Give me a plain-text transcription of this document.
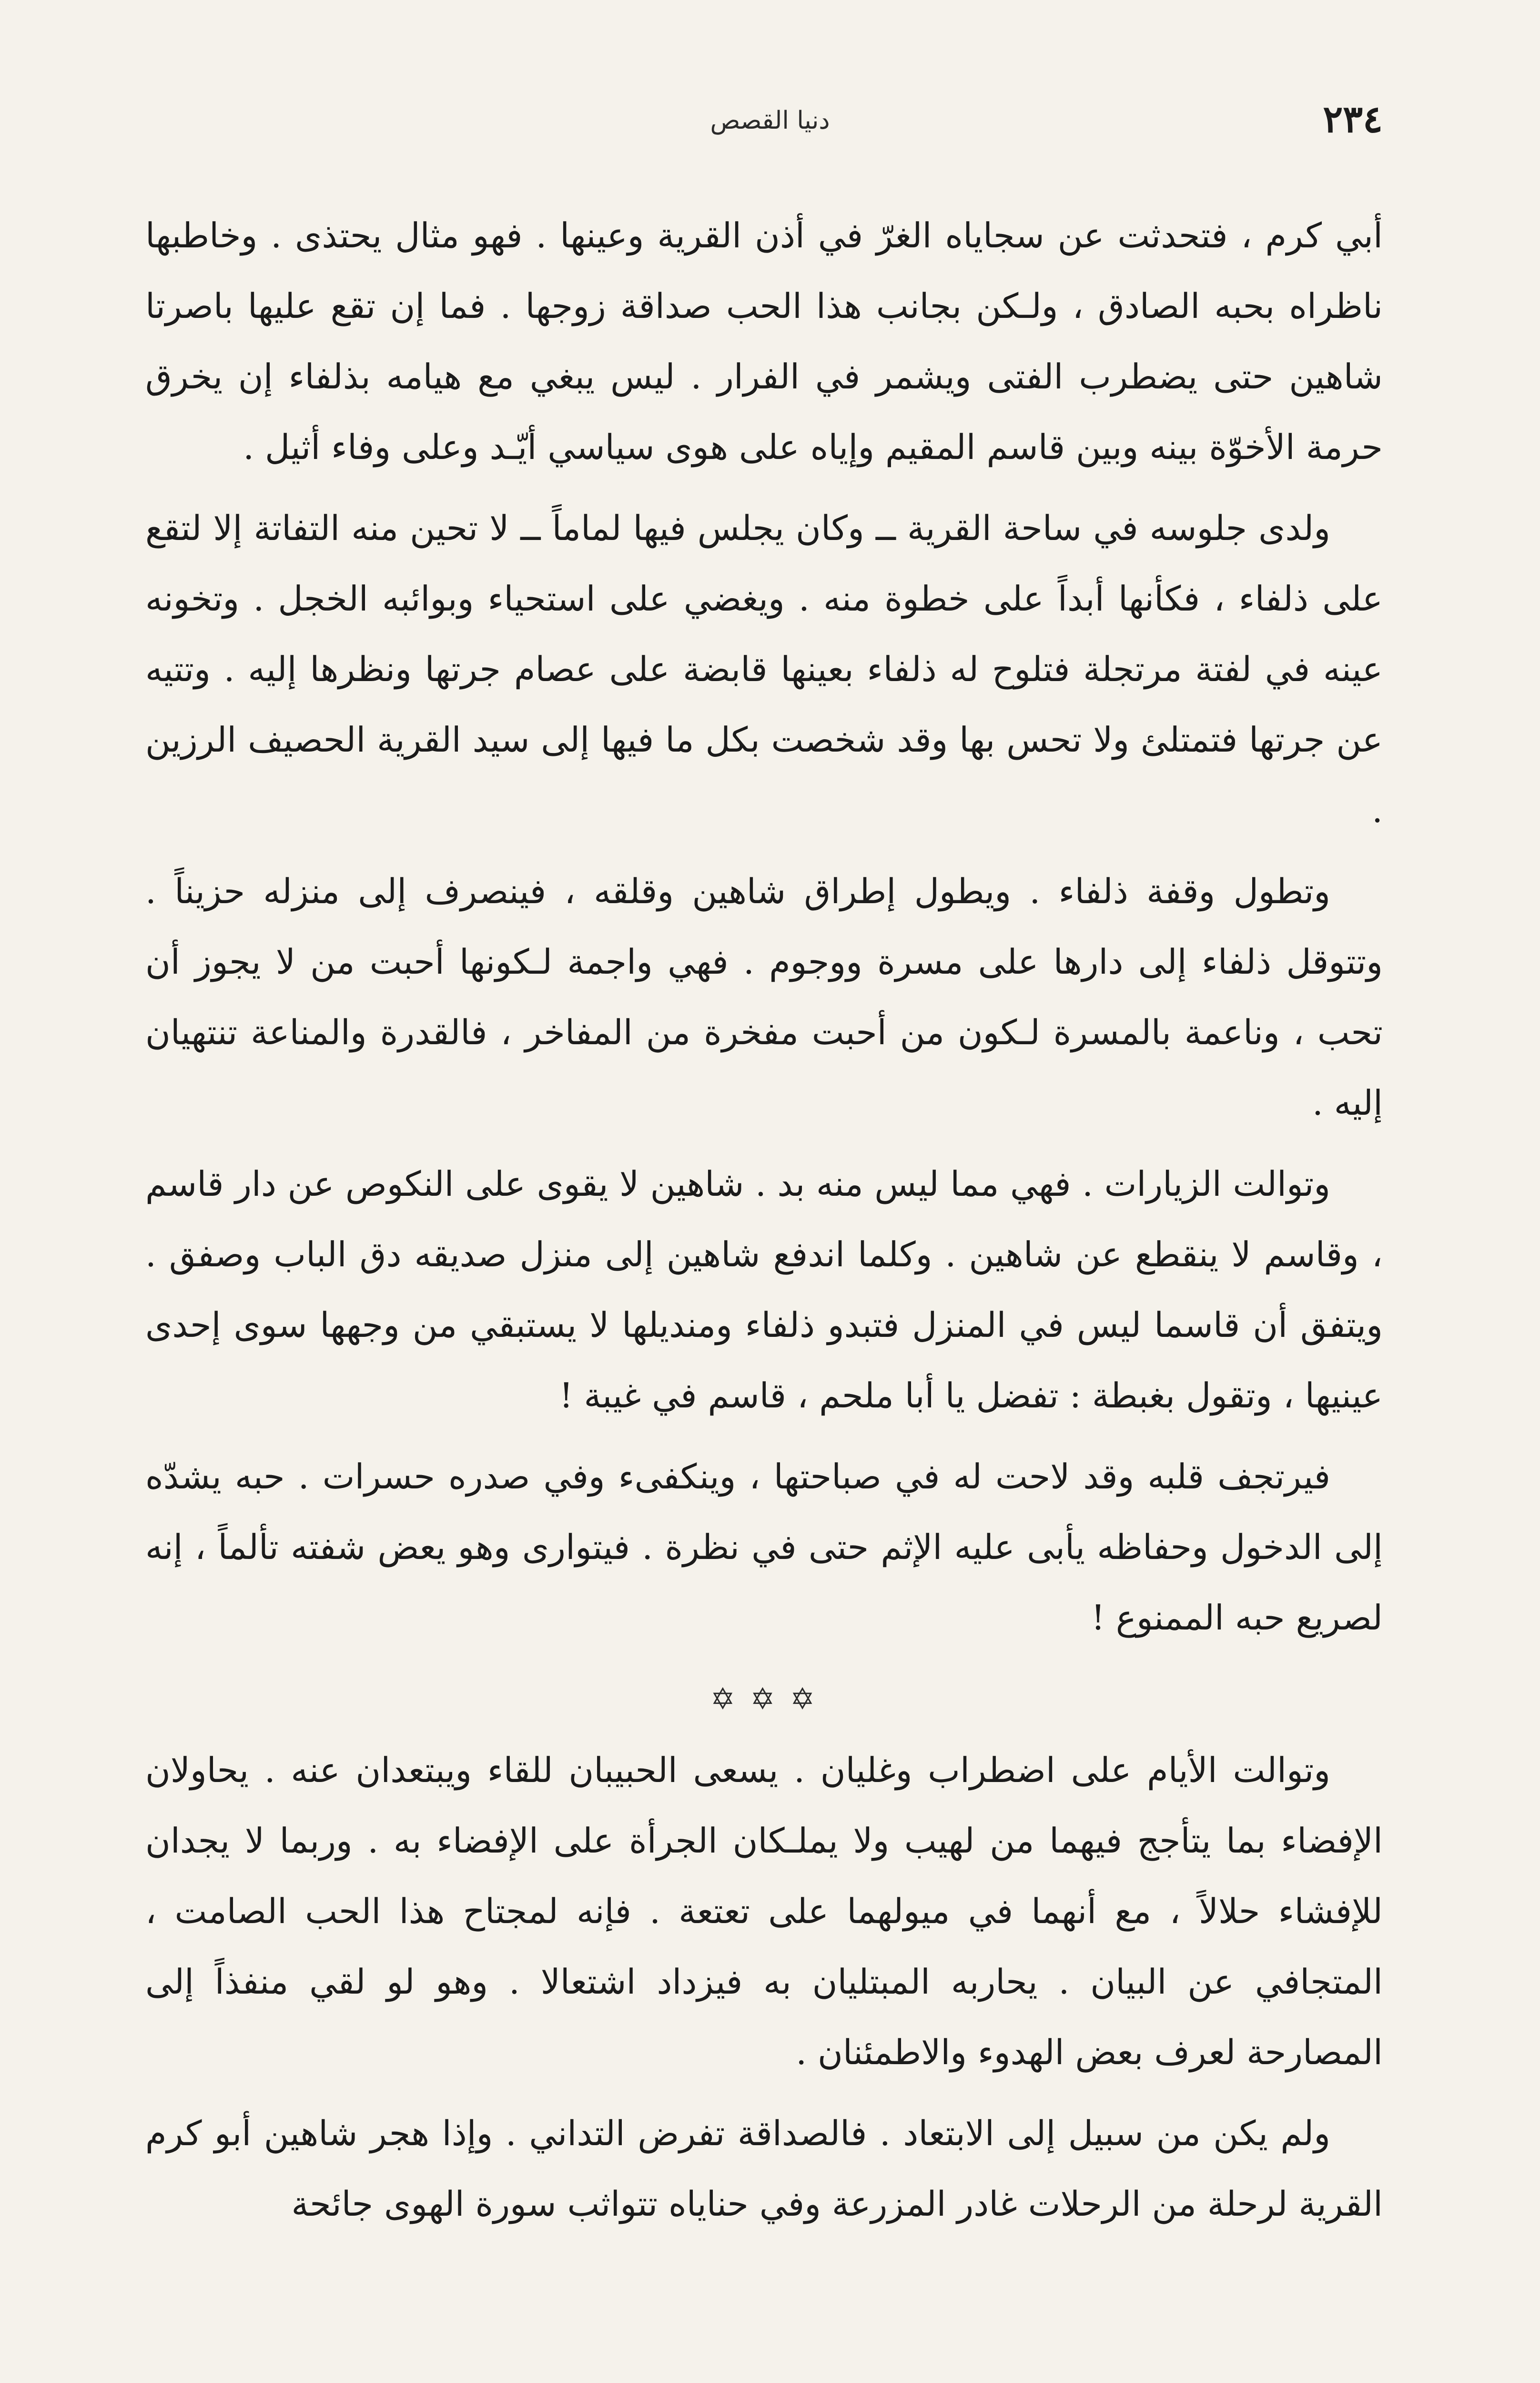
٢٣٤
دنيا القصص

أبي كرم ، فتحدثت عن سجاياه الغرّ في أذن القرية وعينها . فهو مثال يحتذى . وخاطبها ناظراه بحبه الصادق ، ولـكن بجانب هذا الحب صداقة زوجها . فما إن تقع عليها باصرتا شاهين حتى يضطرب الفتى ويشمر في الفرار . ليس يبغي مع هيامه بذلفاء إن يخرق حرمة الأخوّة بينه وبين قاسم المقيم وإياه على هوى سياسي أيّـد وعلى وفاء أثيل .

ولدى جلوسه في ساحة القرية ــ وكان يجلس فيها لماماً ــ لا تحين منه التفاتة إلا لتقع على ذلفاء ، فكأنها أبداً على خطوة منه . ويغضي على استحياء وبوائبه الخجل . وتخونه عينه في لفتة مرتجلة فتلوح له ذلفاء بعينها قابضة على عصام جرتها ونظرها إليه . وتتيه عن جرتها فتمتلئ ولا تحس بها وقد شخصت بكل ما فيها إلى سيد القرية الحصيف الرزين .

وتطول وقفة ذلفاء . ويطول إطراق شاهين وقلقه ، فينصرف إلى منزله حزيناً . وتتوقل ذلفاء إلى دارها على مسرة ووجوم . فهي واجمة لـكونها أحبت من لا يجوز أن تحب ، وناعمة بالمسرة لـكون من أحبت مفخرة من المفاخر ، فالقدرة والمناعة تنتهيان إليه .

وتوالت الزيارات . فهي مما ليس منه بد . شاهين لا يقوى على النكوص عن دار قاسم ، وقاسم لا ينقطع عن شاهين . وكلما اندفع شاهين إلى منزل صديقه دق الباب وصفق . ويتفق أن قاسما ليس في المنزل فتبدو ذلفاء ومنديلها لا يستبقي من وجهها سوى إحدى عينيها ، وتقول بغبطة : تفضل يا أبا ملحم ، قاسم في غيبة !

فيرتجف قلبه وقد لاحت له في صباحتها ، وينكفىء وفي صدره حسرات . حبه يشدّه إلى الدخول وحفاظه يأبى عليه الإثم حتى في نظرة . فيتوارى وهو يعض شفته تألماً ، إنه لصريع حبه الممنوع !

✡ ✡ ✡

وتوالت الأيام على اضطراب وغليان . يسعى الحبيبان للقاء ويبتعدان عنه . يحاولان الإفضاء بما يتأجج فيهما من لهيب ولا يملـكان الجرأة على الإفضاء به . وربما لا يجدان للإفشاء حلالاً ، مع أنهما في ميولهما على تعتعة . فإنه لمجتاح هذا الحب الصامت ، المتجافي عن البيان . يحاربه المبتليان به فيزداد اشتعالا . وهو لو لقي منفذاً إلى المصارحة لعرف بعض الهدوء والاطمئنان .

ولم يكن من سبيل إلى الابتعاد . فالصداقة تفرض التداني . وإذا هجر شاهين أبو كرم القرية لرحلة من الرحلات غادر المزرعة وفي حناياه تتواثب سورة الهوى جائحة
